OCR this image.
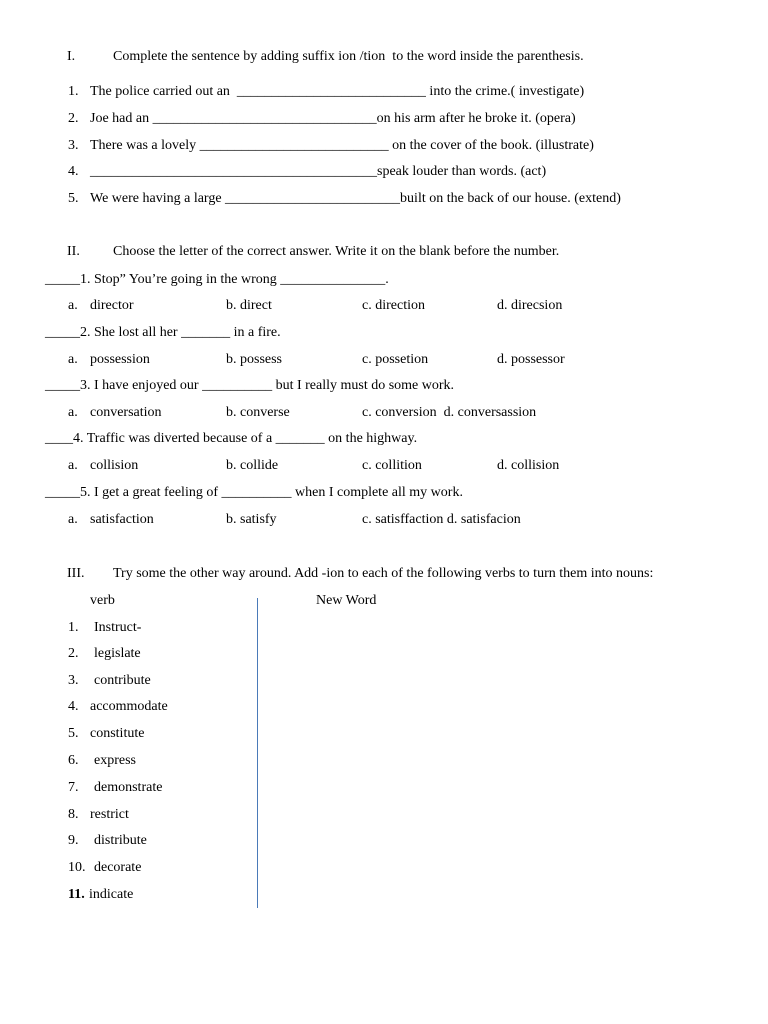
I.	Complete the sentence by adding suffix ion /tion  to the word inside the parenthesis.
1. The police carried out an  ___________________________ into the crime.( investigate)
2. Joe had an ________________________________on his arm after he broke it. (opera)
3. There was a lovely ___________________________ on the cover of the book. (illustrate)
4. _________________________________________speak louder than words. (act)
5. We were having a large _________________________built on the back of our house. (extend)
II. Choose the letter of the correct answer. Write it on the blank before the number.
_____1. Stop” You’re going in the wrong _______________.
a. director	b. direct	c. direction	d. direcsion
_____2. She lost all her _______ in a fire.
a. possession	b. possess	c. possetion	d. possessor
_____3. I have enjoyed our __________ but I really must do some work.
a. conversation	b. converse	c. conversion  d. conversassion
____4. Traffic was diverted because of a _______ on the highway.
a. collision	b. collide	c. collition	d. collision
_____5. I get a great feeling of __________ when I complete all my work.
a. satisfaction	b. satisfy	c. satisffaction d. satisfacion
III. Try some the other way around. Add -ion to each of the following verbs to turn them into nouns:
verb	New Word
1. Instruct-
2. legislate
3. contribute
4. accommodate
5. constitute
6. express
7. demonstrate
8. restrict
9. distribute
10. decorate
11. indicate
